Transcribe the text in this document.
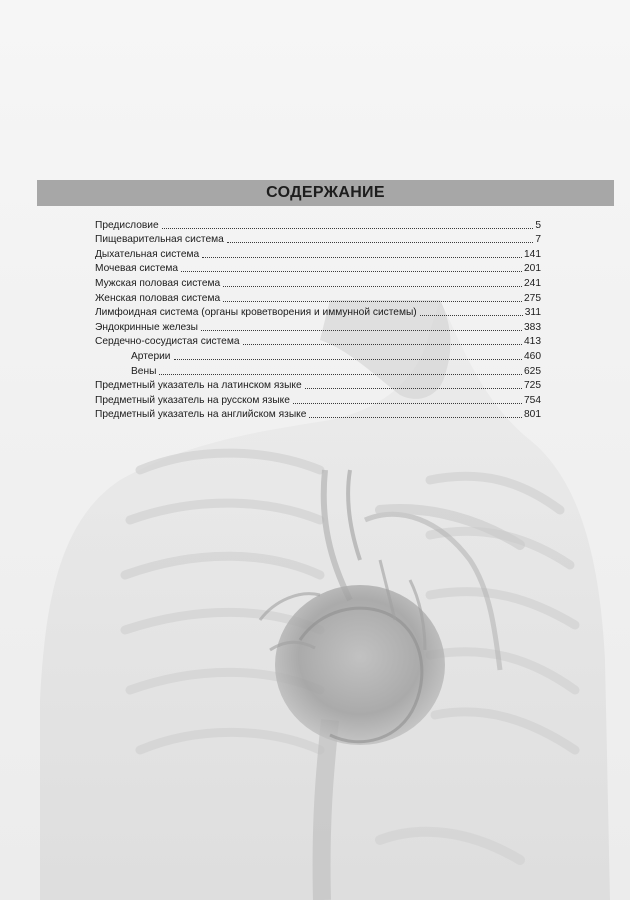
СОДЕРЖАНИЕ
Предисловие	5
Пищеварительная система	7
Дыхательная система	141
Мочевая система	201
Мужская половая система	241
Женская половая система	275
Лимфоидная система (органы кроветворения и иммунной системы)	311
Эндокринные железы	383
Сердечно-сосудистая система	413
Артерии	460
Вены	625
Предметный указатель на латинском языке	725
Предметный указатель на русском языке	754
Предметный указатель на английском языке	801
